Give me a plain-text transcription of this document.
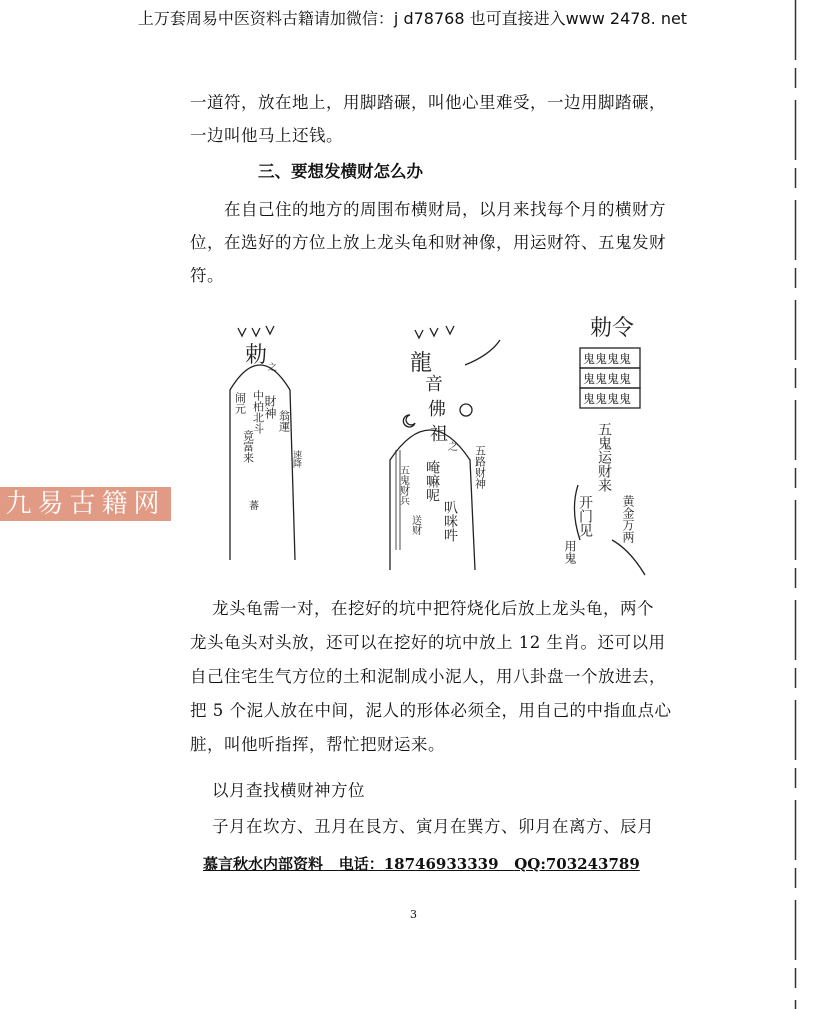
上万套周易中医资料古籍请加微信：j d78768 也可直接进入www 2478. net

一道符，放在地上，用脚踏碾，叫他心里难受，一边用脚踏碾，

一边叫他马上还钱。

三、要想发横财怎么办

在自己住的地方的周围布横财局，以月来找每个月的横财方

位，在选好的方位上放上龙头龟和财神像，用运财符、五鬼发财

符。

九易古籍网
勅 之
中柏北斗
財神
翁運
速降
闹元
竟富来
蕃
龍
音
佛
祖
之
唵嘛呢
叭咪吽
五鬼财兵	五路财神
送财
勅令
鬼鬼鬼鬼
鬼鬼鬼鬼
鬼鬼鬼鬼
五鬼运财来
黄金万两
开门见
用鬼

龙头龟需一对，在挖好的坑中把符烧化后放上龙头龟，两个

龙头龟头对头放，还可以在挖好的坑中放上 12 生肖。还可以用

自己住宅生气方位的土和泥制成小泥人，用八卦盘一个放进去，

把 5 个泥人放在中间，泥人的形体必须全，用自己的中指血点心

脏，叫他听指挥，帮忙把财运来。

以月查找横财神方位

子月在坎方、丑月在艮方、寅月在巽方、卯月在离方、辰月

慕言秋水内部资料 电话：18746933339 QQ:703243789
3
